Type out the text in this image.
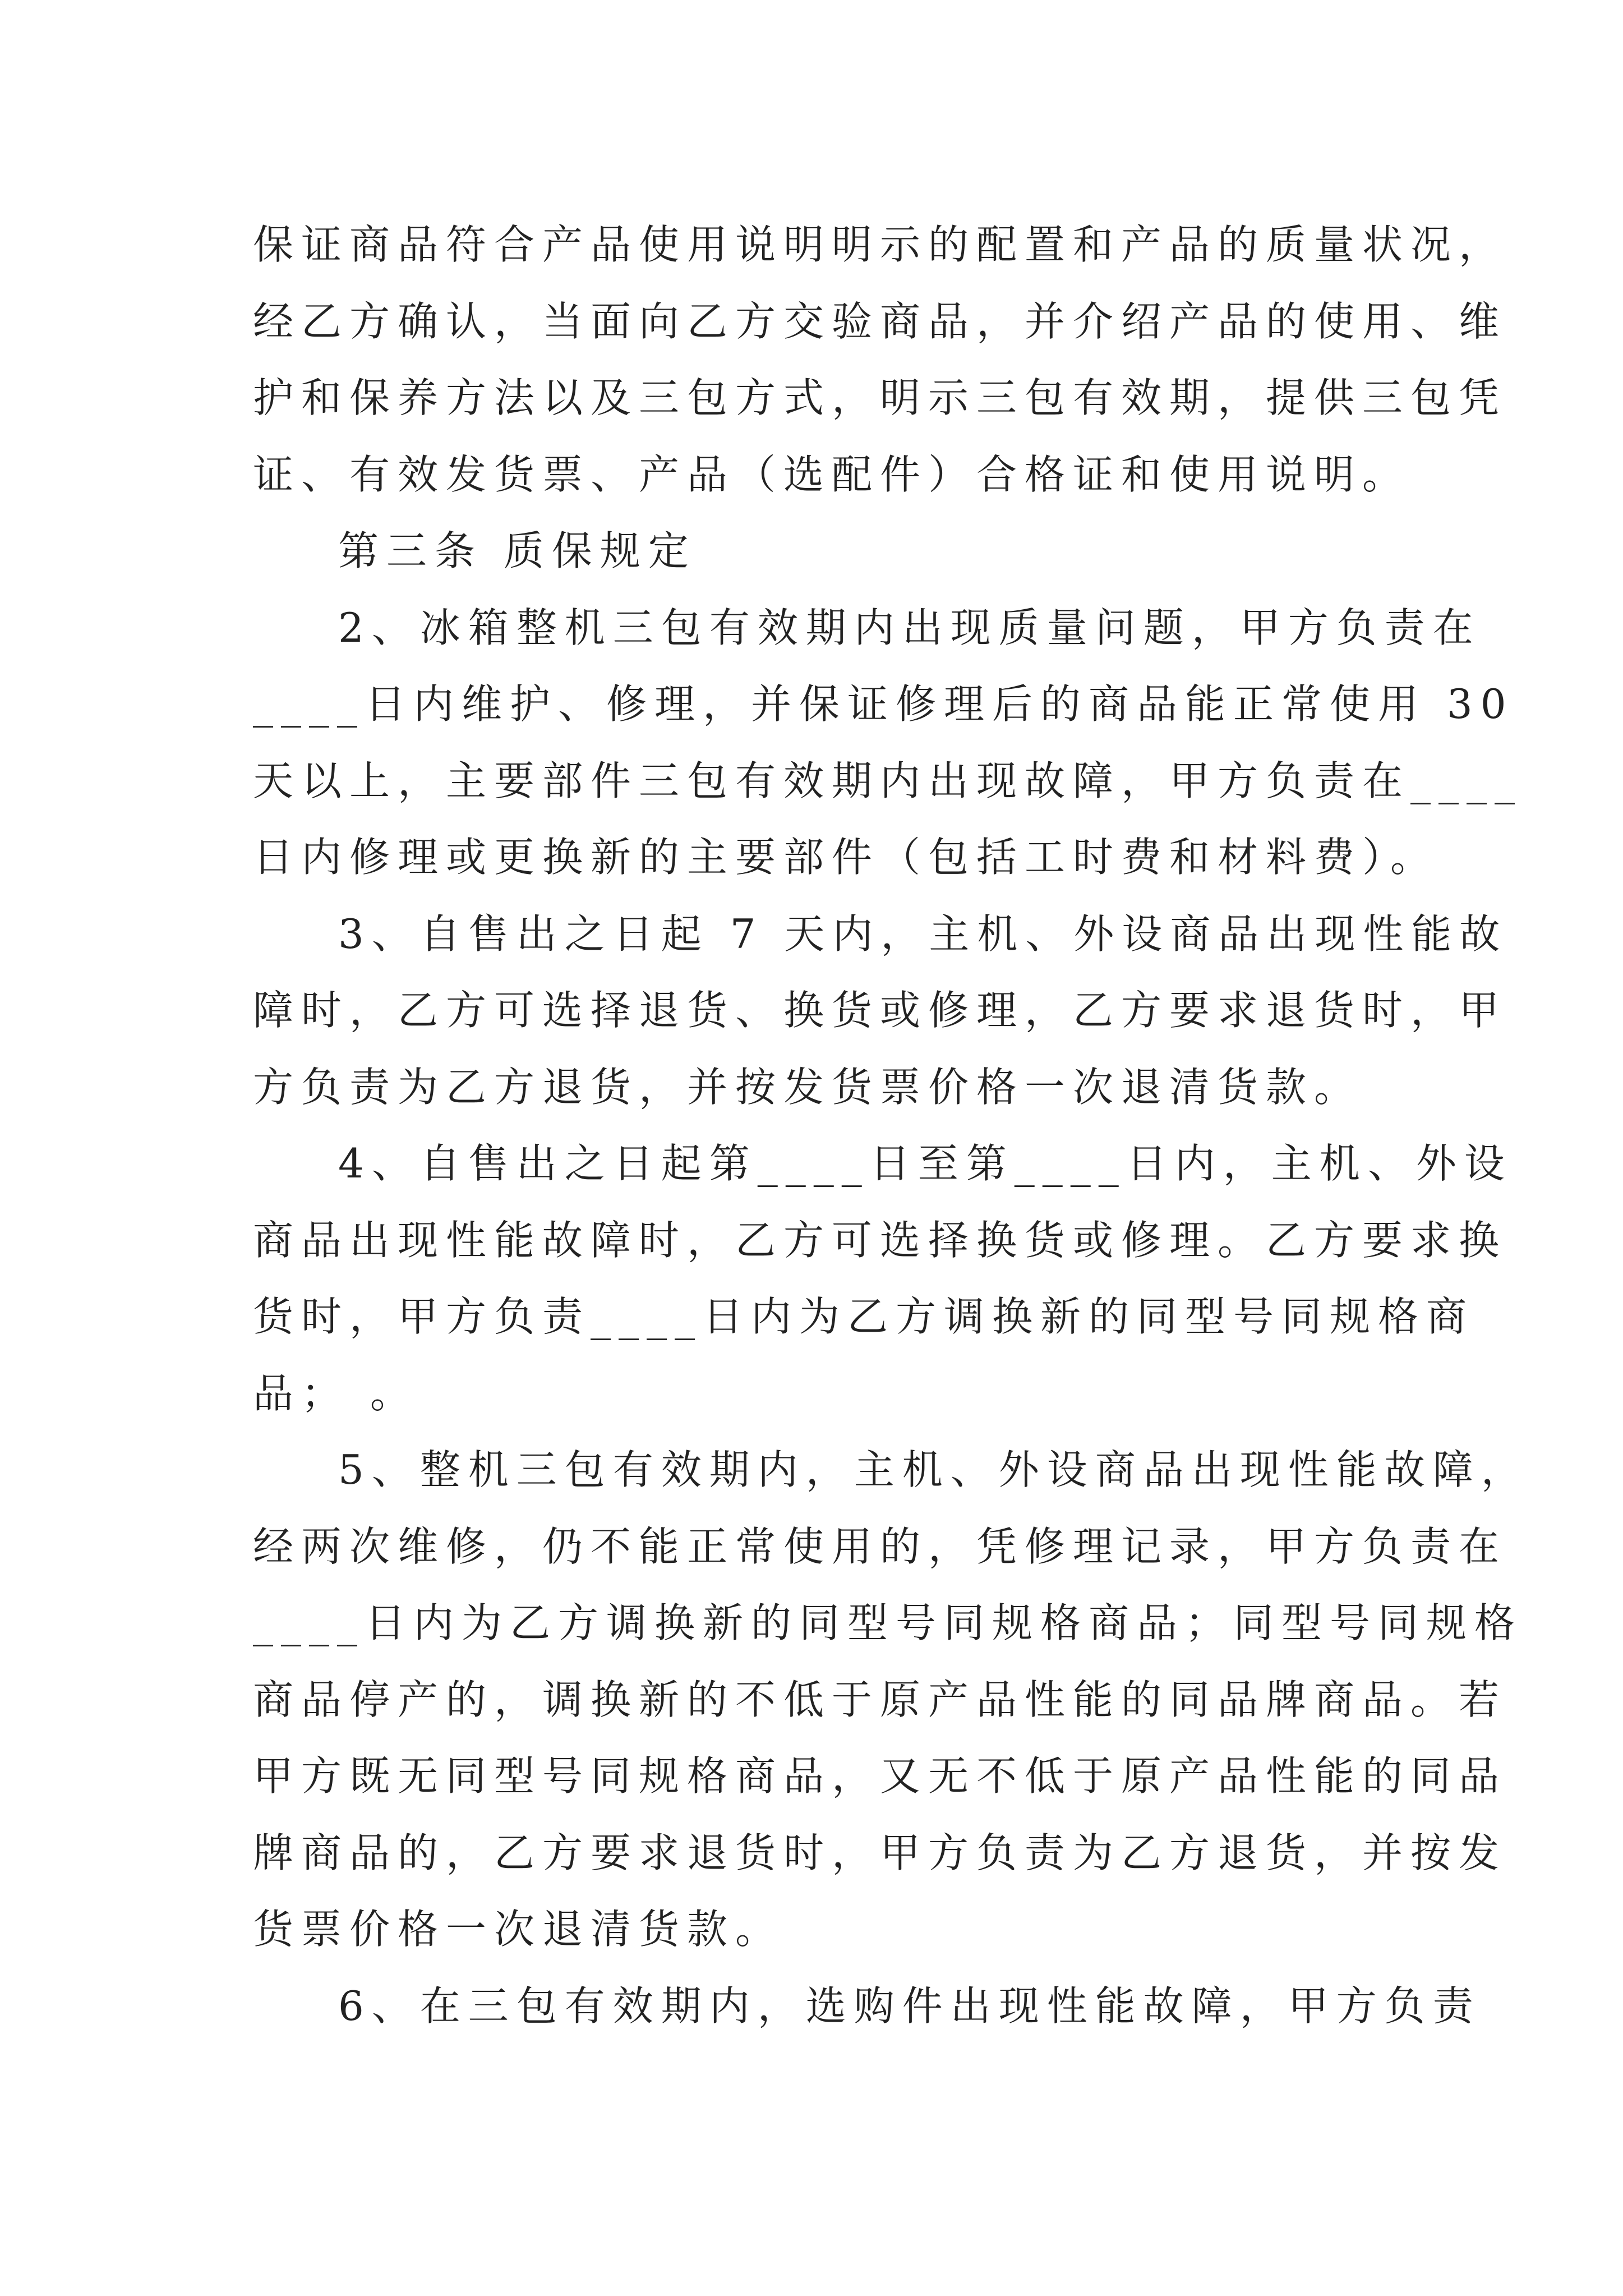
保证商品符合产品使用说明明示的配置和产品的质量状况，
经乙方确认，当面向乙方交验商品，并介绍产品的使用、维
护和保养方法以及三包方式，明示三包有效期，提供三包凭
证、有效发货票、产品（选配件）合格证和使用说明。
第三条 质保规定
2、冰箱整机三包有效期内出现质量问题，甲方负责在
____日内维护、修理，并保证修理后的商品能正常使用 30
天以上，主要部件三包有效期内出现故障，甲方负责在____
日内修理或更换新的主要部件（包括工时费和材料费）。
3、自售出之日起 7 天内，主机、外设商品出现性能故
障时，乙方可选择退货、换货或修理，乙方要求退货时，甲
方负责为乙方退货，并按发货票价格一次退清货款。
4、自售出之日起第____日至第____日内，主机、外设
商品出现性能故障时，乙方可选择换货或修理。乙方要求换
货时，甲方负责____日内为乙方调换新的同型号同规格商
品； 。
5、整机三包有效期内，主机、外设商品出现性能故障，
经两次维修，仍不能正常使用的，凭修理记录，甲方负责在
____日内为乙方调换新的同型号同规格商品；同型号同规格
商品停产的，调换新的不低于原产品性能的同品牌商品。若
甲方既无同型号同规格商品，又无不低于原产品性能的同品
牌商品的，乙方要求退货时，甲方负责为乙方退货，并按发
货票价格一次退清货款。
6、在三包有效期内，选购件出现性能故障，甲方负责
